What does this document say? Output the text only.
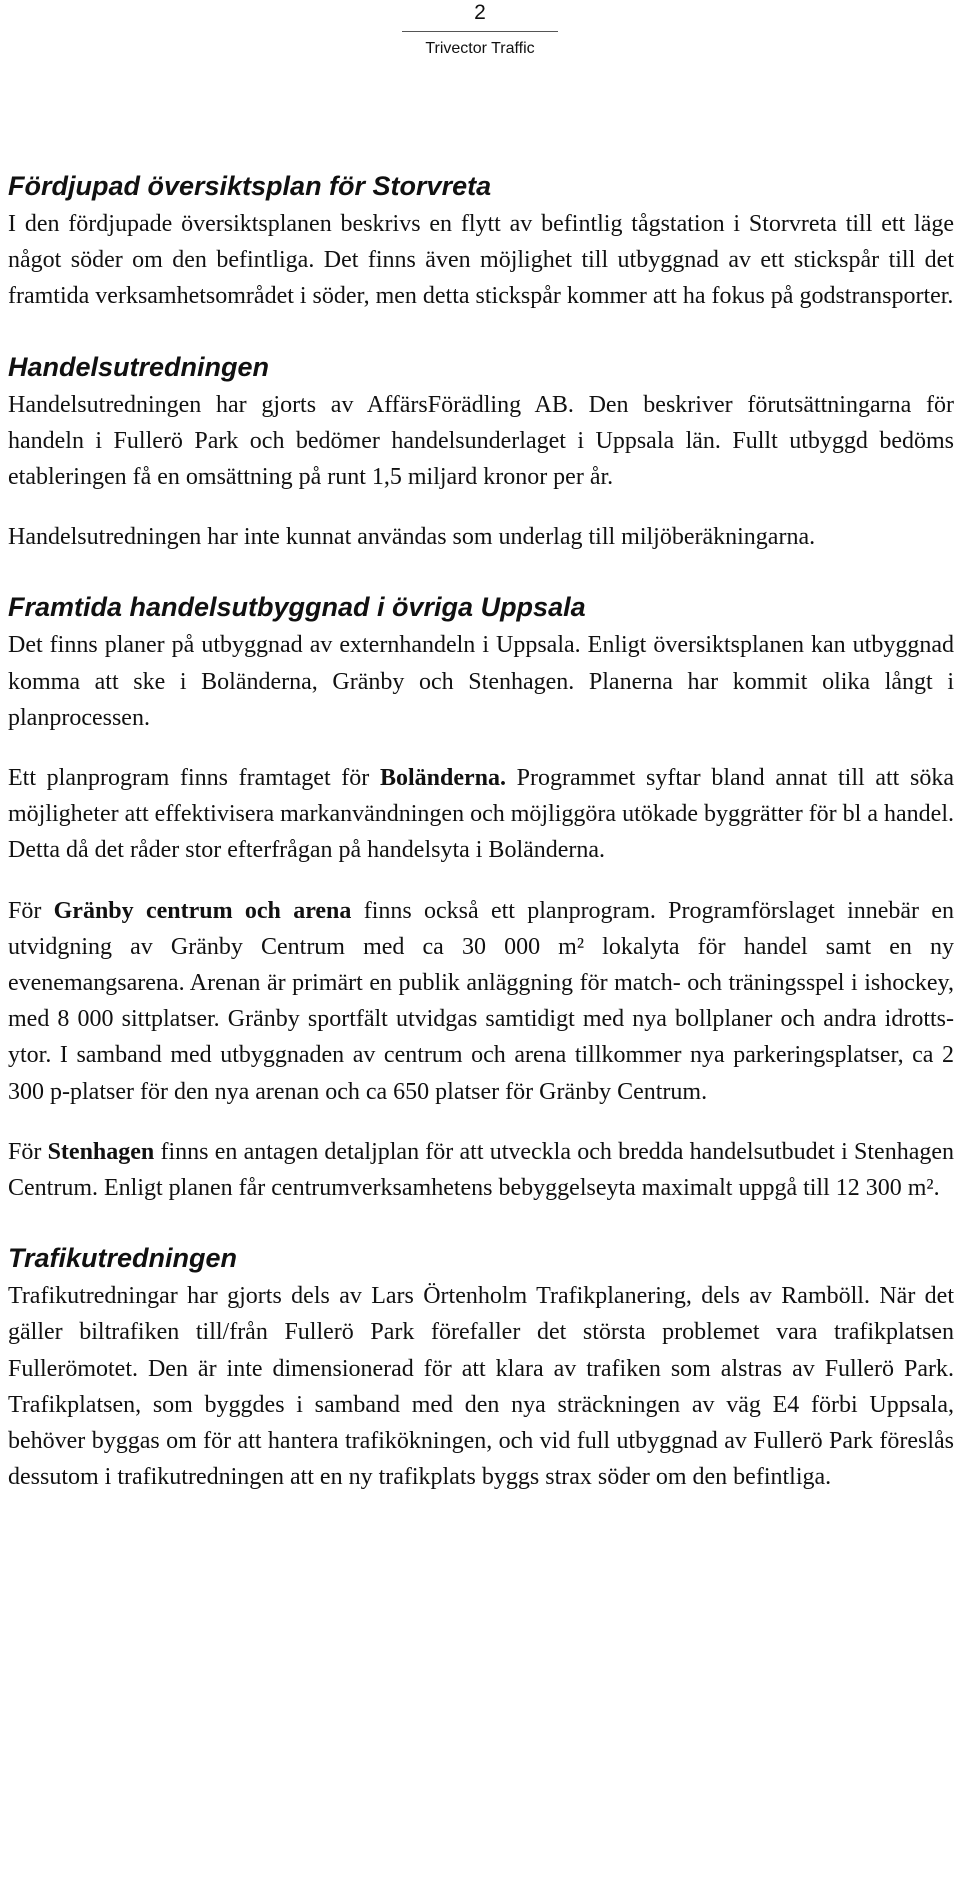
2
Trivector Traffic
Fördjupad översiktsplan för Storvreta

I den fördjupade översiktsplanen beskrivs en flytt av befintlig tågstation i Storvreta till ett läge något söder om den befintliga. Det finns även möjlighet till utbyggnad av ett stickspår till det framtida verksamhetsområdet i söder, men detta stickspår kommer att ha fokus på godstransporter.

Handelsutredningen

Handelsutredningen har gjorts av AffärsFörädling AB. Den beskriver förutsättningarna för handeln i Fullerö Park och bedömer handelsunderlaget i Uppsala län. Fullt utbyggd bedöms etableringen få en omsättning på runt 1,5 miljard kronor per år.

Handelsutredningen har inte kunnat användas som underlag till miljöberäkningarna.

Framtida handelsutbyggnad i övriga Uppsala

Det finns planer på utbyggnad av externhandeln i Uppsala. Enligt översiktsplanen kan utbyggnad komma att ske i Boländerna, Gränby och Stenhagen. Planerna har kommit olika långt i planprocessen.

Ett planprogram finns framtaget för Boländerna. Programmet syftar bland annat till att söka möjligheter att effektivisera markanvändningen och möjliggöra utökade byggrätter för bl a handel. Detta då det råder stor efterfrågan på handelsyta i Boländerna.

För Gränby centrum och arena finns också ett planprogram. Programförslaget innebär en utvidgning av Gränby Centrum med ca 30 000 m² lokalyta för handel samt en ny evenemangsarena. Arenan är primärt en publik anläggning för match- och träningsspel i ishockey, med 8 000 sittplatser. Gränby sportfält utvidgas samtidigt med nya bollplaner och andra idrottsytor. I samband med utbyggnaden av centrum och arena tillkommer nya parkeringsplatser, ca 2 300 p-platser för den nya arenan och ca 650 platser för Gränby Centrum.

För Stenhagen finns en antagen detaljplan för att utveckla och bredda handelsutbudet i Stenhagen Centrum. Enligt planen får centrumverksamhetens bebyggelseyta maximalt uppgå till 12 300 m².

Trafikutredningen

Trafikutredningar har gjorts dels av Lars Örtenholm Trafikplanering, dels av Ramböll. När det gäller biltrafiken till/från Fullerö Park förefaller det största problemet vara trafikplatsen Fullerömotet. Den är inte dimensionerad för att klara av trafiken som alstras av Fullerö Park. Trafikplatsen, som byggdes i samband med den nya sträckningen av väg E4 förbi Uppsala, behöver byggas om för att hantera trafikökningen, och vid full utbyggnad av Fullerö Park föreslås dessutom i trafikutredningen att en ny trafikplats byggs strax söder om den befintliga.
